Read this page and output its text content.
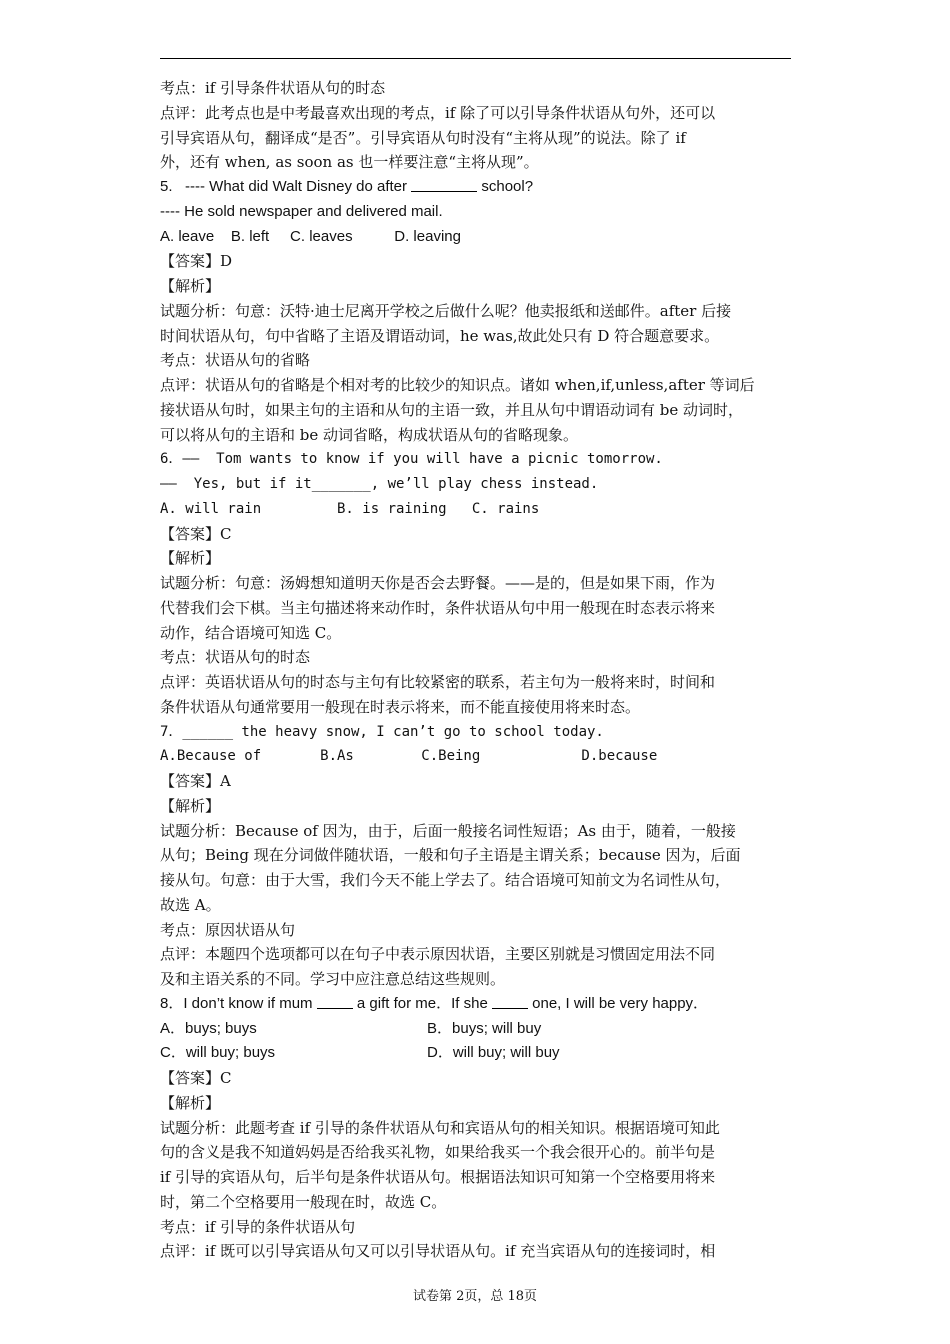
考点：if 引导条件状语从句的时态
点评：此考点也是中考最喜欢出现的考点，if 除了可以引导条件状语从句外，还可以
引导宾语从句，翻译成“是否”。引导宾语从句时没有“主将从现”的说法。除了 if
外，还有 when, as soon as 也一样要注意“主将从现”。
5.   ---- What did Walt Disney do after	school?
---- He sold newspaper and delivered mail.
A. leave    B. left     C. leaves          D. leaving
【答案】D
【解析】
试题分析：句意：沃特·迪士尼离开学校之后做什么呢？他卖报纸和送邮件。after 后接
时间状语从句，句中省略了主语及谓语动词，he was,故此处只有 D 符合题意要求。
考点：状语从句的省略
点评：状语从句的省略是个相对考的比较少的知识点。诸如 when,if,unless,after 等词后
接状语从句时，如果主句的主语和从句的主语一致，并且从句中谓语动词有 be 动词时，
可以将从句的主语和 be 动词省略，构成状语从句的省略现象。
6．——  Tom wants to know if you will have a picnic tomorrow.
——  Yes, but if it_______, we’ll play chess instead.
A. will rain         B. is raining   C. rains
【答案】C
【解析】
试题分析：句意：汤姆想知道明天你是否会去野餐。——是的，但是如果下雨，作为
代替我们会下棋。当主句描述将来动作时，条件状语从句中用一般现在时态表示将来
动作，结合语境可知选 C。
考点：状语从句的时态
点评：英语状语从句的时态与主句有比较紧密的联系，若主句为一般将来时，时间和
条件状语从句通常要用一般现在时表示将来，而不能直接使用将来时态。
7．______ the heavy snow, I can’t go to school today.
A.Because of       B.As        C.Being            D.because
【答案】A
【解析】
试题分析：Because of 因为，由于，后面一般接名词性短语；As 由于，随着，一般接
从句；Being 现在分词做伴随状语，一般和句子主语是主谓关系；because 因为，后面
接从句。句意：由于大雪，我们今天不能上学去了。结合语境可知前文为名词性从句，
故选 A。
考点：原因状语从句
点评：本题四个选项都可以在句子中表示原因状语，主要区别就是习惯固定用法不同
及和主语关系的不同。学习中应注意总结这些规则。
8．I don’t know if mum  a gift for me．If she  one, I will be very happy．
A．buys; buys	B．buys; will buy
C．will buy; buys	D．will buy; will buy
【答案】C
【解析】
试题分析：此题考查 if 引导的条件状语从句和宾语从句的相关知识。根据语境可知此
句的含义是我不知道妈妈是否给我买礼物，如果给我买一个我会很开心的。前半句是
if 引导的宾语从句，后半句是条件状语从句。根据语法知识可知第一个空格要用将来
时，第二个空格要用一般现在时，故选 C。
考点：if 引导的条件状语从句
点评：if 既可以引导宾语从句又可以引导状语从句。if 充当宾语从句的连接词时，相
试卷第 2页，总 18页
